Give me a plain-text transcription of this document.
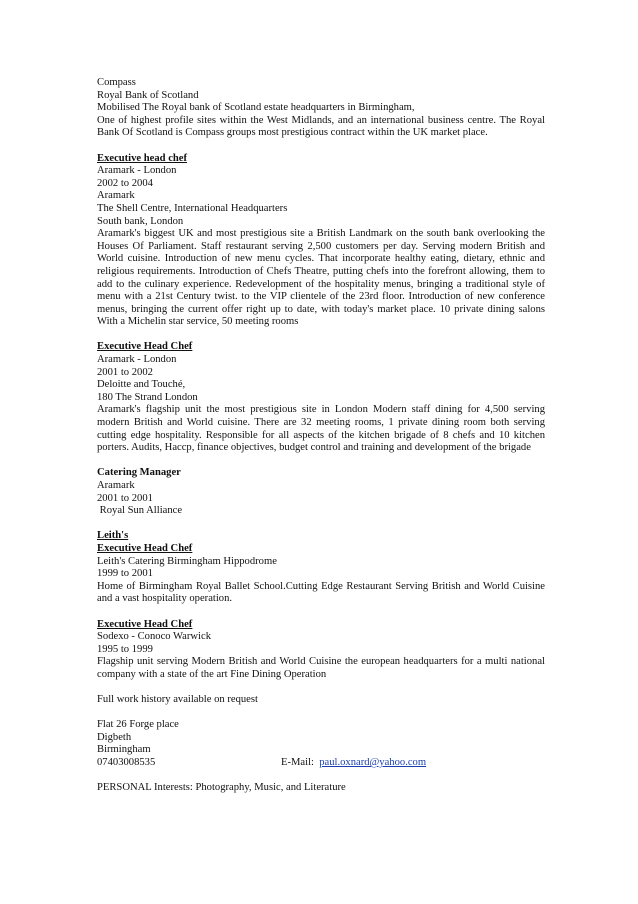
Compass
Royal Bank of Scotland
Mobilised The Royal bank of Scotland estate headquarters in Birmingham,
One of highest profile sites within the West Midlands, and an international business centre. The Royal Bank Of Scotland is Compass groups most prestigious contract within the UK market place.
Executive head chef
Aramark - London
2002 to 2004
Aramark
The Shell Centre, International Headquarters
South bank, London
Aramark's biggest UK and most prestigious site a British Landmark on the south bank overlooking the Houses Of Parliament. Staff restaurant serving 2,500 customers per day. Serving modern British and World cuisine. Introduction of new menu cycles. That incorporate healthy eating, dietary, ethnic and religious requirements. Introduction of Chefs Theatre, putting chefs into the forefront allowing, them to add to the culinary experience. Redevelopment of the hospitality menus, bringing a traditional style of menu with a 21st Century twist. to the VIP clientele of the 23rd floor. Introduction of new conference menus, bringing the current offer right up to date, with today's market place. 10 private dining salons With a Michelin star service, 50 meeting rooms
Executive Head Chef
Aramark - London
2001 to 2002
Deloitte and Touché,
180 The Strand London
Aramark's flagship unit the most prestigious site in London Modern staff dining for 4,500 serving modern British and World cuisine. There are 32 meeting rooms, 1 private dining room both serving cutting edge hospitality. Responsible for all aspects of the kitchen brigade of 8 chefs and 10 kitchen porters. Audits, Haccp, finance objectives, budget control and training and development of the brigade
Catering Manager
Aramark
2001 to 2001
Royal Sun Alliance
Leith's
Executive Head Chef
Leith's Catering Birmingham Hippodrome
1999 to 2001
Home of Birmingham Royal Ballet School.Cutting Edge Restaurant Serving British and World Cuisine and a vast hospitality operation.
Executive Head Chef
Sodexo - Conoco Warwick
1995 to 1999
Flagship unit serving Modern British and World Cuisine the european headquarters for a multi national company with a state of the art Fine Dining Operation
Full work history available on request
Flat 26 Forge place
Digbeth
Birmingham
07403008535	E-Mail: paul.oxnard@yahoo.com
PERSONAL Interests: Photography, Music, and Literature
